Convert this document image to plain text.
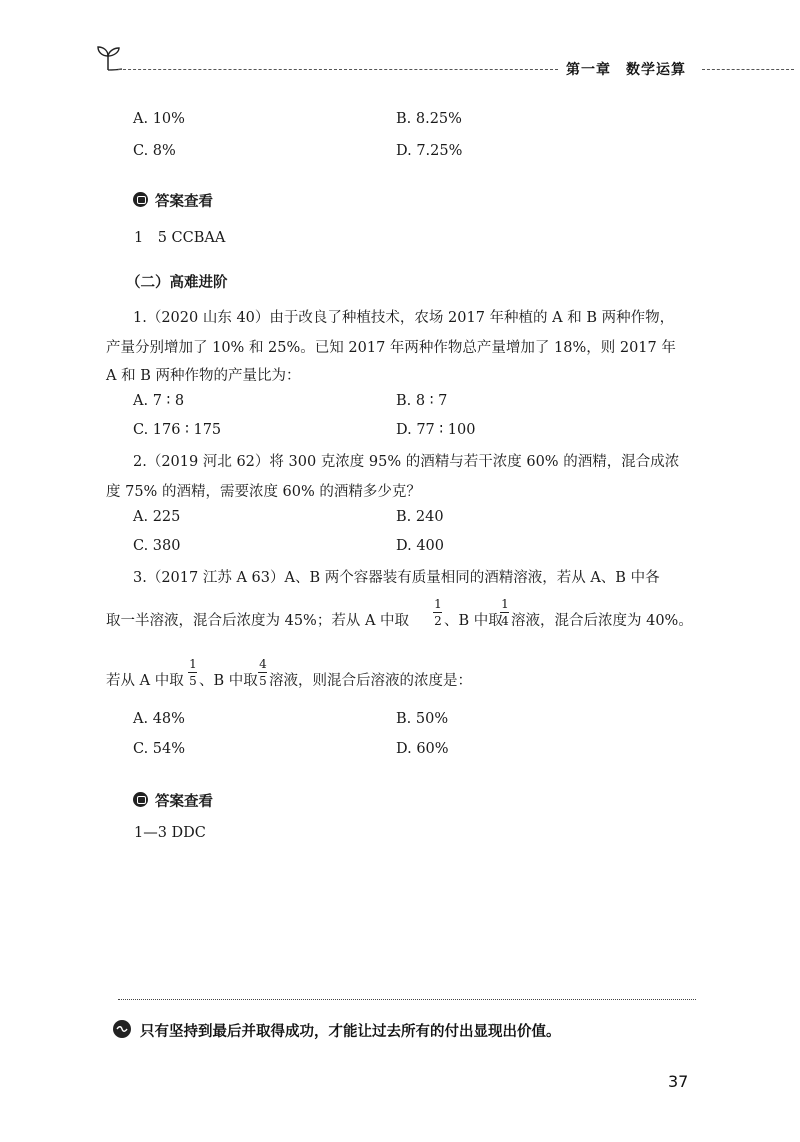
第一章　数学运算
A. 10%	B. 8.25%
C. 8%	D. 7.25%
答案查看
1　5 CCBAA
（二）高难进阶
1.（2020 山东 40）由于改良了种植技术，农场 2017 年种植的 A 和 B 两种作物，
产量分别增加了 10% 和 25%。已知 2017 年两种作物总产量增加了 18%，则 2017 年
A 和 B 两种作物的产量比为：
A. 7 ∶ 8	B. 8 ∶ 7
C. 176 ∶ 175	D. 77 ∶ 100
2.（2019 河北 62）将 300 克浓度 95% 的酒精与若干浓度 60% 的酒精，混合成浓
度 75% 的酒精，需要浓度 60% 的酒精多少克？
A. 225	B. 240
C. 380	D. 400
3.（2017 江苏 A 63）A、B 两个容器装有质量相同的酒精溶液，若从 A、B 中各
取一半溶液，混合后浓度为 45%；若从 A 中取
1
2 、B 中取
1
4 溶液，混合后浓度为 40%。
若从 A 中取
1
5 、B 中取
4
5 溶液，则混合后溶液的浓度是：
A. 48%	B. 50%
C. 54%	D. 60%
答案查看
1—3 DDC
只有坚持到最后并取得成功，才能让过去所有的付出显现出价值。
37
